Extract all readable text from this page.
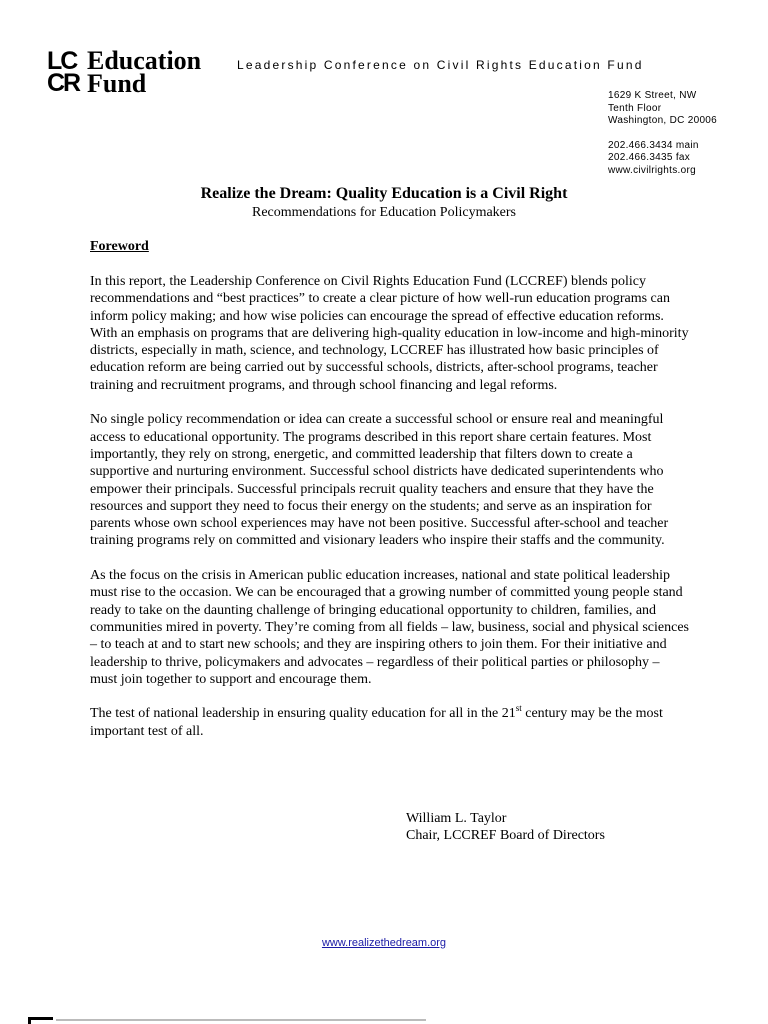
LC
CR
Education
Fund
Leadership Conference on Civil Rights Education Fund
1629 K Street, NW
Tenth Floor
Washington, DC 20006
202.466.3434 main
202.466.3435 fax
www.civilrights.org
Realize the Dream: Quality Education is a Civil Right
Recommendations for Education Policymakers
Foreword

In this report, the Leadership Conference on Civil Rights Education Fund (LCCREF) blends policy recommendations and “best practices” to create a clear picture of how well-run education programs can inform policy making; and how wise policies can encourage the spread of effective education reforms. With an emphasis on programs that are delivering high-quality education in low-income and high-minority districts, especially in math, science, and technology, LCCREF has illustrated how basic principles of education reform are being carried out by successful schools, districts, after-school programs, teacher training and recruitment programs, and through school financing and legal reforms.

No single policy recommendation or idea can create a successful school or ensure real and meaningful access to educational opportunity. The programs described in this report share certain features. Most importantly, they rely on strong, energetic, and committed leadership that filters down to create a supportive and nurturing environment. Successful school districts have dedicated superintendents who empower their principals. Successful principals recruit quality teachers and ensure that they have the resources and support they need to focus their energy on the students; and serve as an inspiration for parents whose own school experiences may have not been positive. Successful after-school and teacher training programs rely on committed and visionary leaders who inspire their staffs and the community.

As the focus on the crisis in American public education increases, national and state political leadership must rise to the occasion. We can be encouraged that a growing number of committed young people stand ready to take on the daunting challenge of bringing educational opportunity to children, families, and communities mired in poverty. They’re coming from all fields – law, business, social and physical sciences – to teach at and to start new schools; and they are inspiring others to join them. For their initiative and leadership to thrive, policymakers and advocates – regardless of their political parties or philosophy – must join together to support and encourage them.

The test of national leadership in ensuring quality education for all in the 21st century may be the most important test of all.

William L. Taylor
Chair, LCCREF Board of Directors
www.realizethedream.org
